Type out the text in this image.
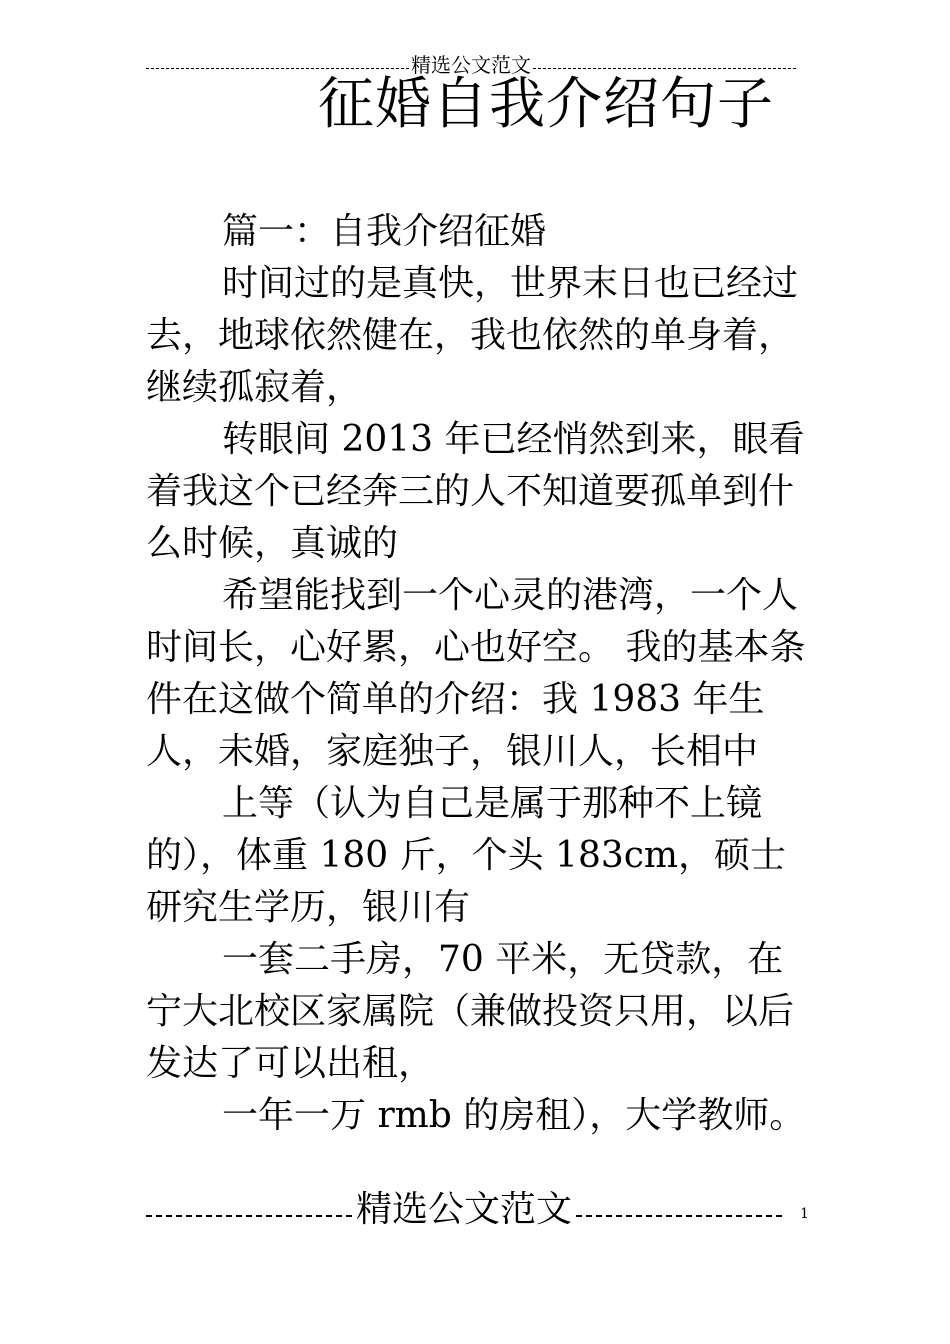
精选公文范文
征婚自我介绍句子

篇一：自我介绍征婚

时间过的是真快，世界末日也已经过去，地球依然健在，我也依然的单身着，继续孤寂着，

转眼间 2013 年已经悄然到来，眼看着我这个已经奔三的人不知道要孤单到什么时候，真诚的

希望能找到一个心灵的港湾，一个人时间长，心好累，心也好空。 我的基本条件在这做个简单的介绍：我 1983 年生人，未婚，家庭独子，银川人，长相中

上等（认为自己是属于那种不上镜的），体重 180 斤，个头 183cm，硕士研究生学历，银川有

一套二手房，70 平米，无贷款，在宁大北校区家属院（兼做投资只用，以后发达了可以出租，

一年一万 rmb 的房租），大学教师。

精选公文范文	1
